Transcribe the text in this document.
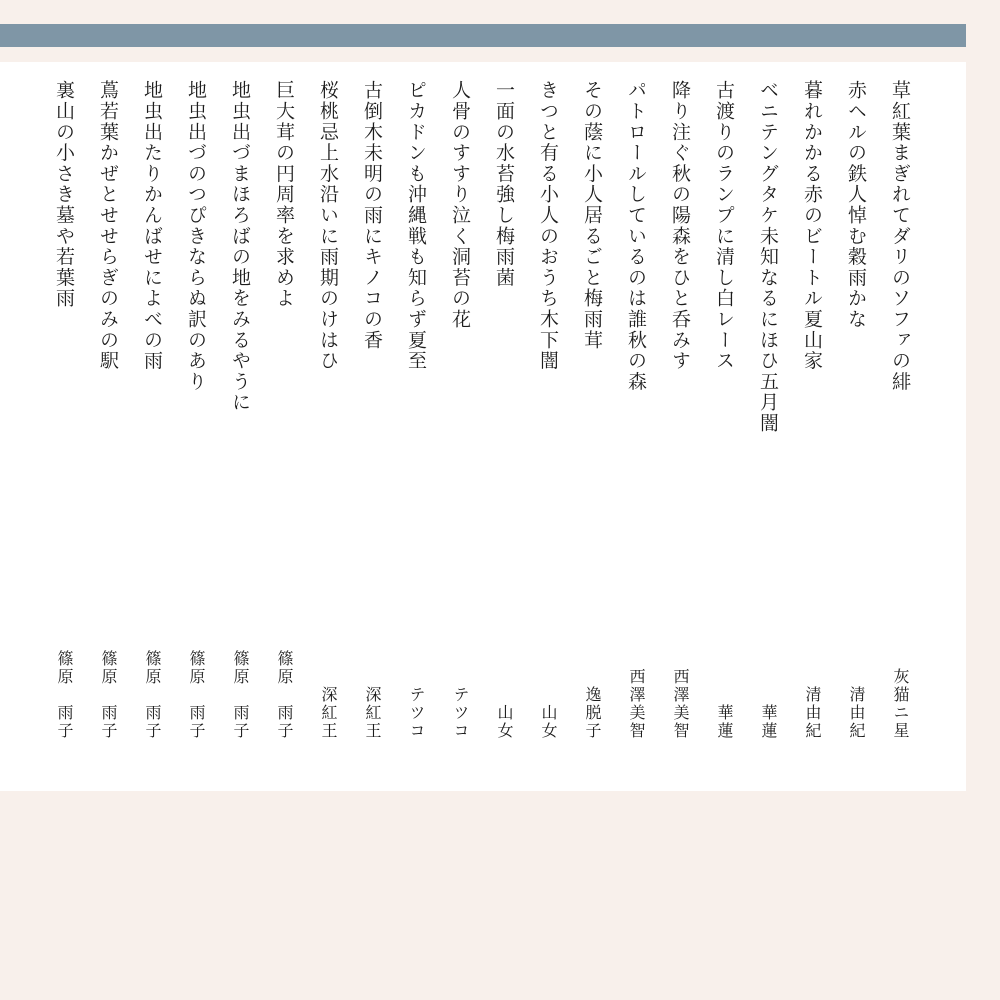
草紅葉まぎれてダリのソファの緋
灰猫ニ星
赤ヘルの鉄人悼む穀雨かな
清由紀
暮れかかる赤のビートル夏山家
清由紀
ベニテングタケ未知なるにほひ五月闇
華蓮
古渡りのランプに清し白レース
華蓮
降り注ぐ秋の陽森をひと呑みす
西澤美智
パトロールしているのは誰秋の森
西澤美智
その蔭に小人居るごと梅雨茸
逸脱子
きつと有る小人のおうち木下闇
山女
一面の水苔強し梅雨菌
山女
人骨のすすり泣く洞苔の花
テツコ
ピカドンも沖縄戦も知らず夏至
テツコ
古倒木未明の雨にキノコの香
深紅王
桜桃忌上水沿いに雨期のけはひ
深紅王
巨大茸の円周率を求めよ
篠原　雨子
地虫出づまほろばの地をみるやうに
篠原　雨子
地虫出づのつぴきならぬ訳のあり
篠原　雨子
地虫出たりかんばせによべの雨
篠原　雨子
蔦若葉かぜとせせらぎのみの駅
篠原　雨子
裏山の小さき墓や若葉雨
篠原　雨子
